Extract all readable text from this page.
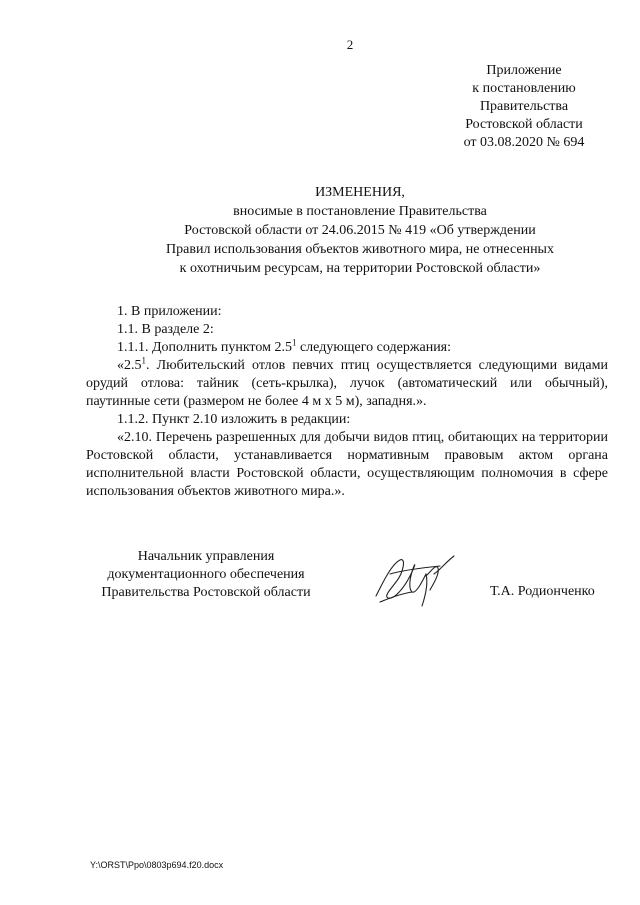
2
Приложение
к постановлению
Правительства
Ростовской области
от 03.08.2020 № 694
ИЗМЕНЕНИЯ,
вносимые в постановление Правительства
Ростовской области от 24.06.2015 № 419 «Об утверждении
Правил использования объектов животного мира, не отнесенных
к охотничьим ресурсам, на территории Ростовской области»

1. В приложении:

1.1. В разделе 2:

1.1.1. Дополнить пунктом $2.5^1$ следующего содержания:

«$2.5^1$. Любительский отлов певчих птиц осуществляется следующими видами орудий отлова: тайник (сеть-крылка), лучок (автоматический или обычный), паутинные сети (размером не более 4 м х 5 м), западня.».

1.1.2. Пункт 2.10 изложить в редакции:

«2.10. Перечень разрешенных для добычи видов птиц, обитающих на территории Ростовской области, устанавливается нормативным правовым актом органа исполнительной власти Ростовской области, осуществляющим полномочия в сфере использования объектов животного мира.».

Начальник управления
документационного обеспечения
Правительства Ростовской области	Т.А. Родионченко
Y:\ORST\Ppo\0803p694.f20.docx
